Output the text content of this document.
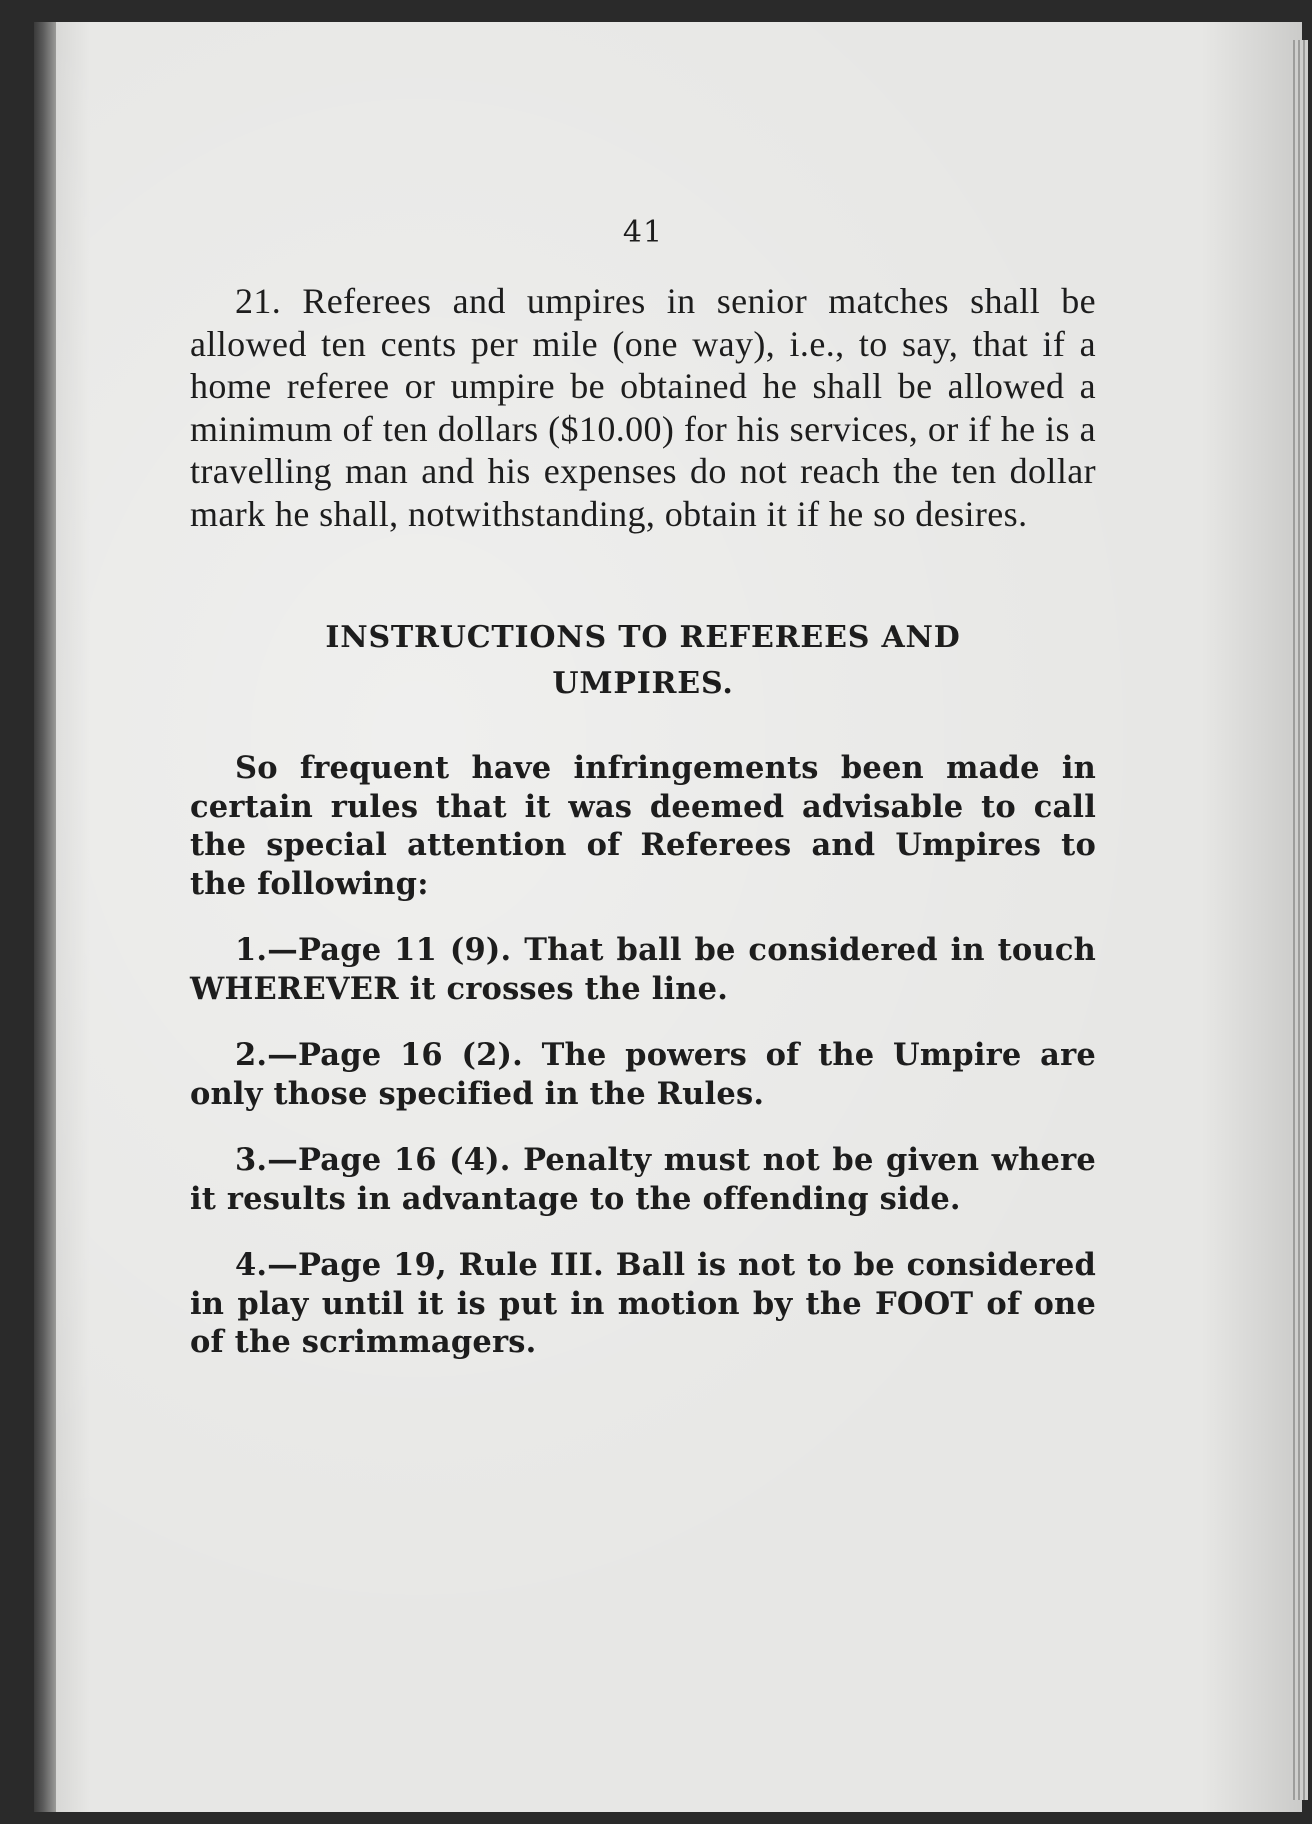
41

21. Referees and umpires in senior matches shall be allowed ten cents per mile (one way), i.e., to say, that if a home referee or umpire be obtained he shall be allowed a minimum of ten dollars ($10.00) for his services, or if he is a travelling man and his expenses do not reach the ten dollar mark he shall, notwithstanding, obtain it if he so desires.

INSTRUCTIONS TO REFEREES AND
UMPIRES.

So frequent have infringements been made in certain rules that it was deemed advisable to call the special attention of Referees and Umpires to the following:

1.—Page 11 (9). That ball be considered in touch WHEREVER it crosses the line.

2.—Page 16 (2). The powers of the Umpire are only those specified in the Rules.

3.—Page 16 (4). Penalty must not be given where it results in advantage to the offending side.

4.—Page 19, Rule III. Ball is not to be considered in play until it is put in motion by the FOOT of one of the scrimmagers.
